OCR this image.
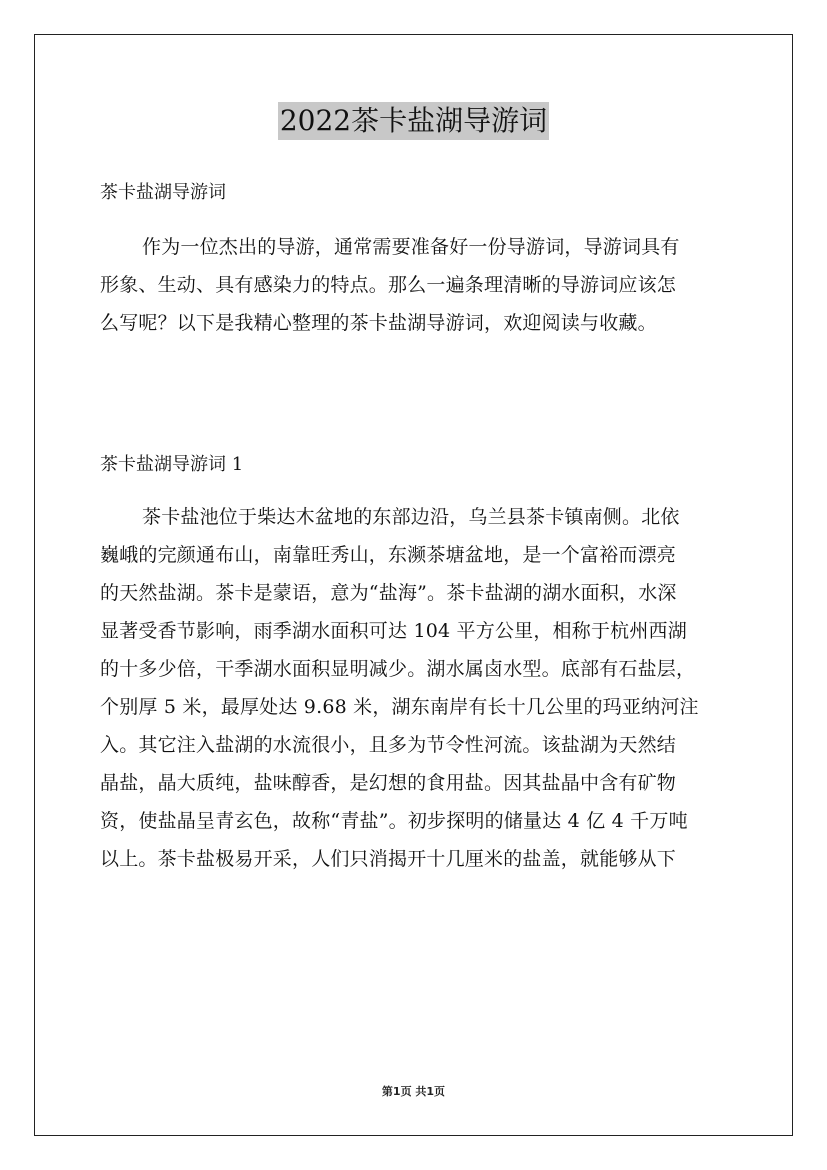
2022茶卡盐湖导游词
茶卡盐湖导游词
作为一位杰出的导游，通常需要准备好一份导游词，导游词具有
形象、生动、具有感染力的特点。那么一遍条理清晰的导游词应该怎
么写呢？以下是我精心整理的茶卡盐湖导游词，欢迎阅读与收藏。
茶卡盐湖导游词 1
茶卡盐池位于柴达木盆地的东部边沿，乌兰县茶卡镇南侧。北依
巍峨的完颜通布山，南靠旺秀山，东濒茶塘盆地，是一个富裕而漂亮
的天然盐湖。茶卡是蒙语，意为“盐海”。茶卡盐湖的湖水面积，水深
显著受香节影响，雨季湖水面积可达 104 平方公里，相称于杭州西湖
的十多少倍，干季湖水面积显明减少。湖水属卤水型。底部有石盐层，
个别厚 5 米，最厚处达 9.68 米，湖东南岸有长十几公里的玛亚纳河注
入。其它注入盐湖的水流很小，且多为节令性河流。该盐湖为天然结
晶盐，晶大质纯，盐味醇香，是幻想的食用盐。因其盐晶中含有矿物
资，使盐晶呈青玄色，故称“青盐”。初步探明的储量达 4 亿 4 千万吨
以上。茶卡盐极易开采，人们只消揭开十几厘米的盐盖，就能够从下
第1页 共1页
